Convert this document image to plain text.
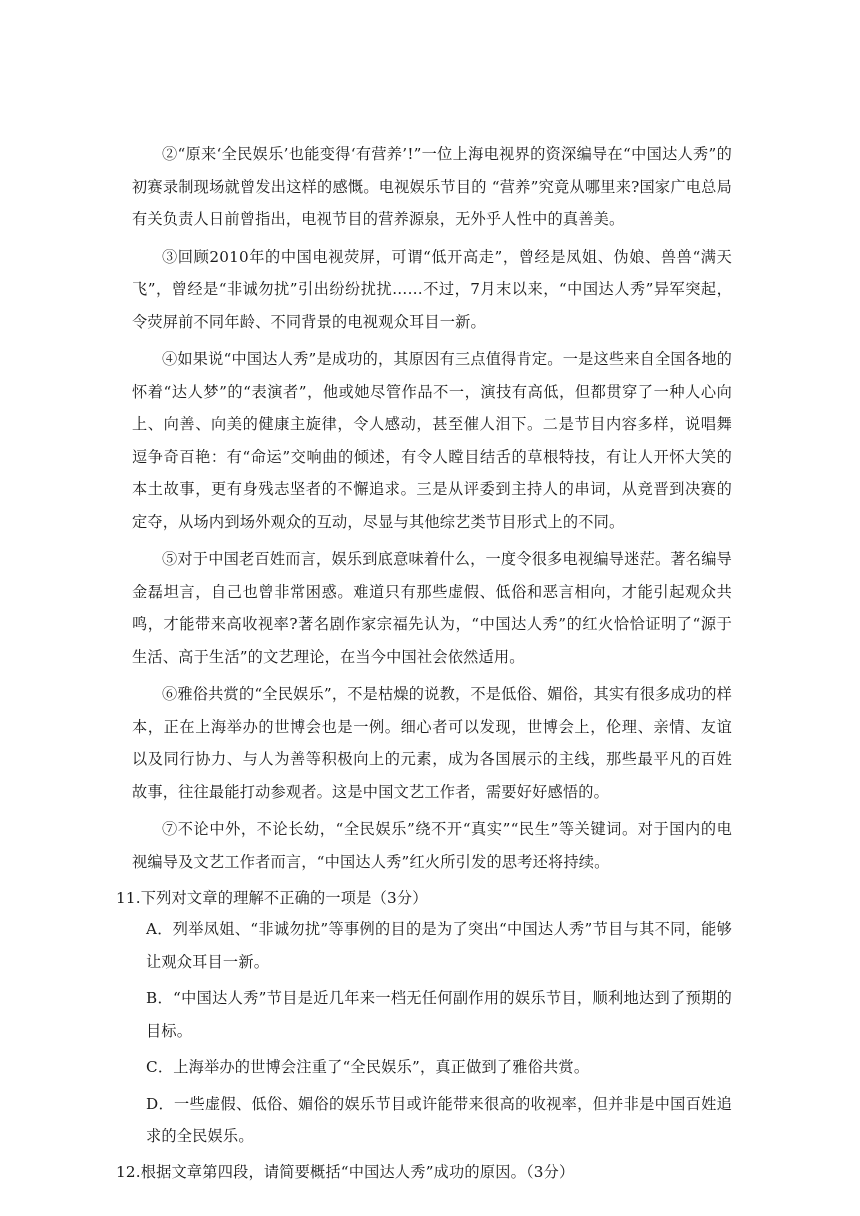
②“原来‘全民娱乐’也能变得‘有营养’!”一位上海电视界的资深编导在“中国达人秀”的初赛录制现场就曾发出这样的感慨。电视娱乐节目的 “营养”究竟从哪里来?国家广电总局有关负责人日前曾指出，电视节目的营养源泉，无外乎人性中的真善美。

③回顾2010年的中国电视荧屏，可谓“低开高走”，曾经是凤姐、伪娘、兽兽“满天飞”，曾经是“非诚勿扰”引出纷纷扰扰……不过，7月末以来，“中国达人秀”异军突起，令荧屏前不同年龄、不同背景的电视观众耳目一新。

④如果说“中国达人秀”是成功的，其原因有三点值得肯定。一是这些来自全国各地的怀着“达人梦”的“表演者”，他或她尽管作品不一，演技有高低，但都贯穿了一种人心向上、向善、向美的健康主旋律，令人感动，甚至催人泪下。二是节目内容多样，说唱舞逗争奇百艳：有“命运”交响曲的倾述，有令人瞠目结舌的草根特技，有让人开怀大笑的本土故事，更有身残志坚者的不懈追求。三是从评委到主持人的串词，从竞晋到决赛的定夺，从场内到场外观众的互动，尽显与其他综艺类节目形式上的不同。

⑤对于中国老百姓而言，娱乐到底意味着什么，一度令很多电视编导迷茫。著名编导金磊坦言，自己也曾非常困惑。难道只有那些虚假、低俗和恶言相向，才能引起观众共鸣，才能带来高收视率?著名剧作家宗福先认为，“中国达人秀”的红火恰恰证明了“源于生活、高于生活”的文艺理论，在当今中国社会依然适用。

⑥雅俗共赏的“全民娱乐”，不是枯燥的说教，不是低俗、媚俗，其实有很多成功的样本，正在上海举办的世博会也是一例。细心者可以发现，世博会上，伦理、亲情、友谊以及同行协力、与人为善等积极向上的元素，成为各国展示的主线，那些最平凡的百姓故事，往往最能打动参观者。这是中国文艺工作者，需要好好感悟的。

⑦不论中外，不论长幼，“全民娱乐”绕不开“真实”“民生”等关键词。对于国内的电视编导及文艺工作者而言，“中国达人秀”红火所引发的思考还将持续。

11.下列对文章的理解不正确的一项是（3分）

A．列举凤姐、“非诚勿扰”等事例的目的是为了突出“中国达人秀”节目与其不同，能够让观众耳目一新。

B．“中国达人秀”节目是近几年来一档无任何副作用的娱乐节目，顺利地达到了预期的目标。

C．上海举办的世博会注重了“全民娱乐”，真正做到了雅俗共赏。

D．一些虚假、低俗、媚俗的娱乐节目或许能带来很高的收视率，但并非是中国百姓追求的全民娱乐。

12.根据文章第四段，请简要概括“中国达人秀”成功的原因。（3分）
